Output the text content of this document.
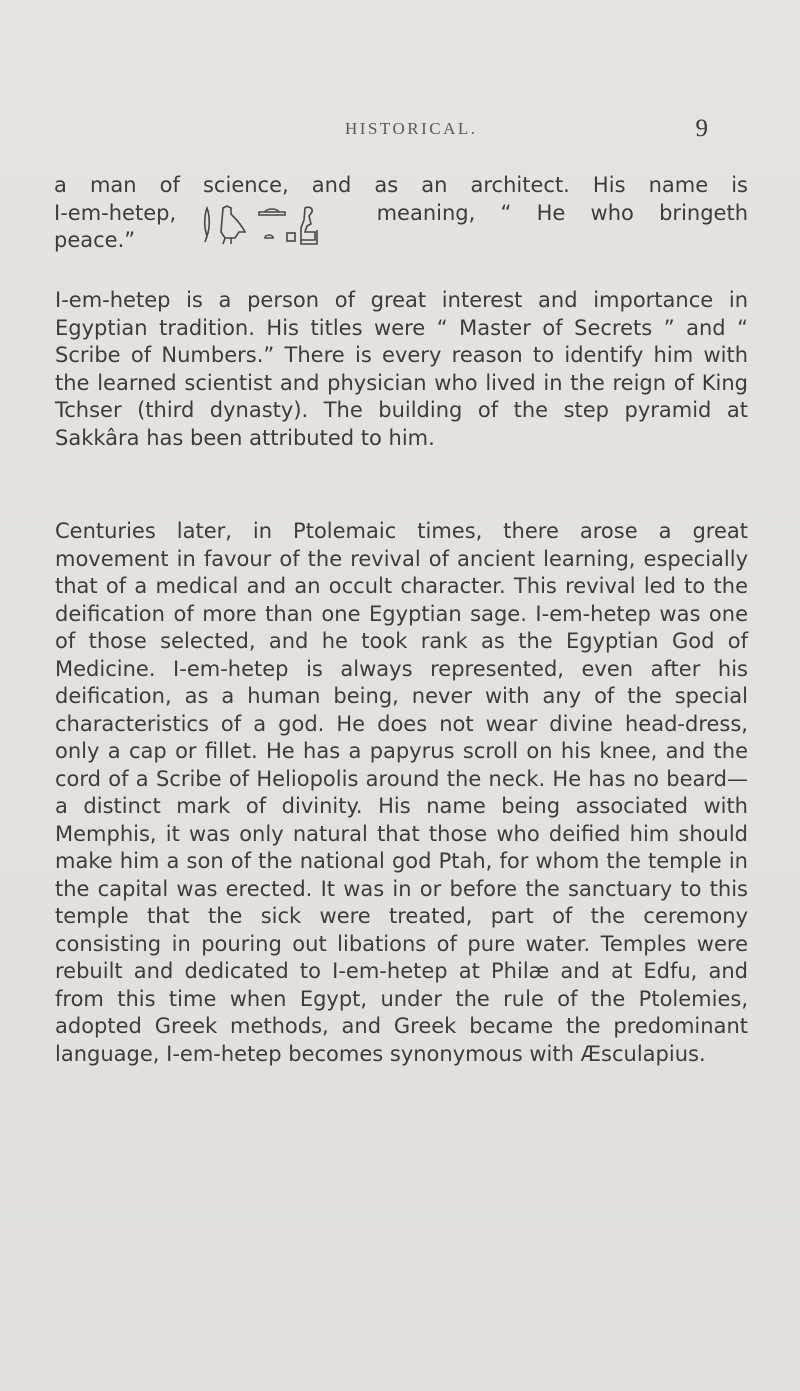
HISTORICAL.	9
a man of science, and as an architect. His name is
I-em-hetep,	meaning, “ He who bringeth
peace.”

I-em-hetep is a person of great interest and importance in Egyptian tradition. His titles were “ Master of Secrets ” and “ Scribe of Numbers.” There is every reason to identify him with the learned scientist and physician who lived in the reign of King Tchser (third dynasty). The building of the step pyramid at Sakkâra has been attributed to him.

Centuries later, in Ptolemaic times, there arose a great movement in favour of the revival of ancient learning, especially that of a medical and an occult character. This revival led to the deification of more than one Egyptian sage. I-em-hetep was one of those selected, and he took rank as the Egyptian God of Medicine. I-em-hetep is always represented, even after his deification, as a human being, never with any of the special characteristics of a god. He does not wear divine head-dress, only a cap or fillet. He has a papyrus scroll on his knee, and the cord of a Scribe of Heliopolis around the neck. He has no beard— a distinct mark of divinity. His name being associated with Memphis, it was only natural that those who deified him should make him a son of the national god Ptah, for whom the temple in the capital was erected. It was in or before the sanctuary to this temple that the sick were treated, part of the ceremony consisting in pouring out libations of pure water. Temples were rebuilt and dedicated to I-em-hetep at Philæ and at Edfu, and from this time when Egypt, under the rule of the Ptolemies, adopted Greek methods, and Greek became the predominant language, I-em-hetep becomes synonymous with Æsculapius.
